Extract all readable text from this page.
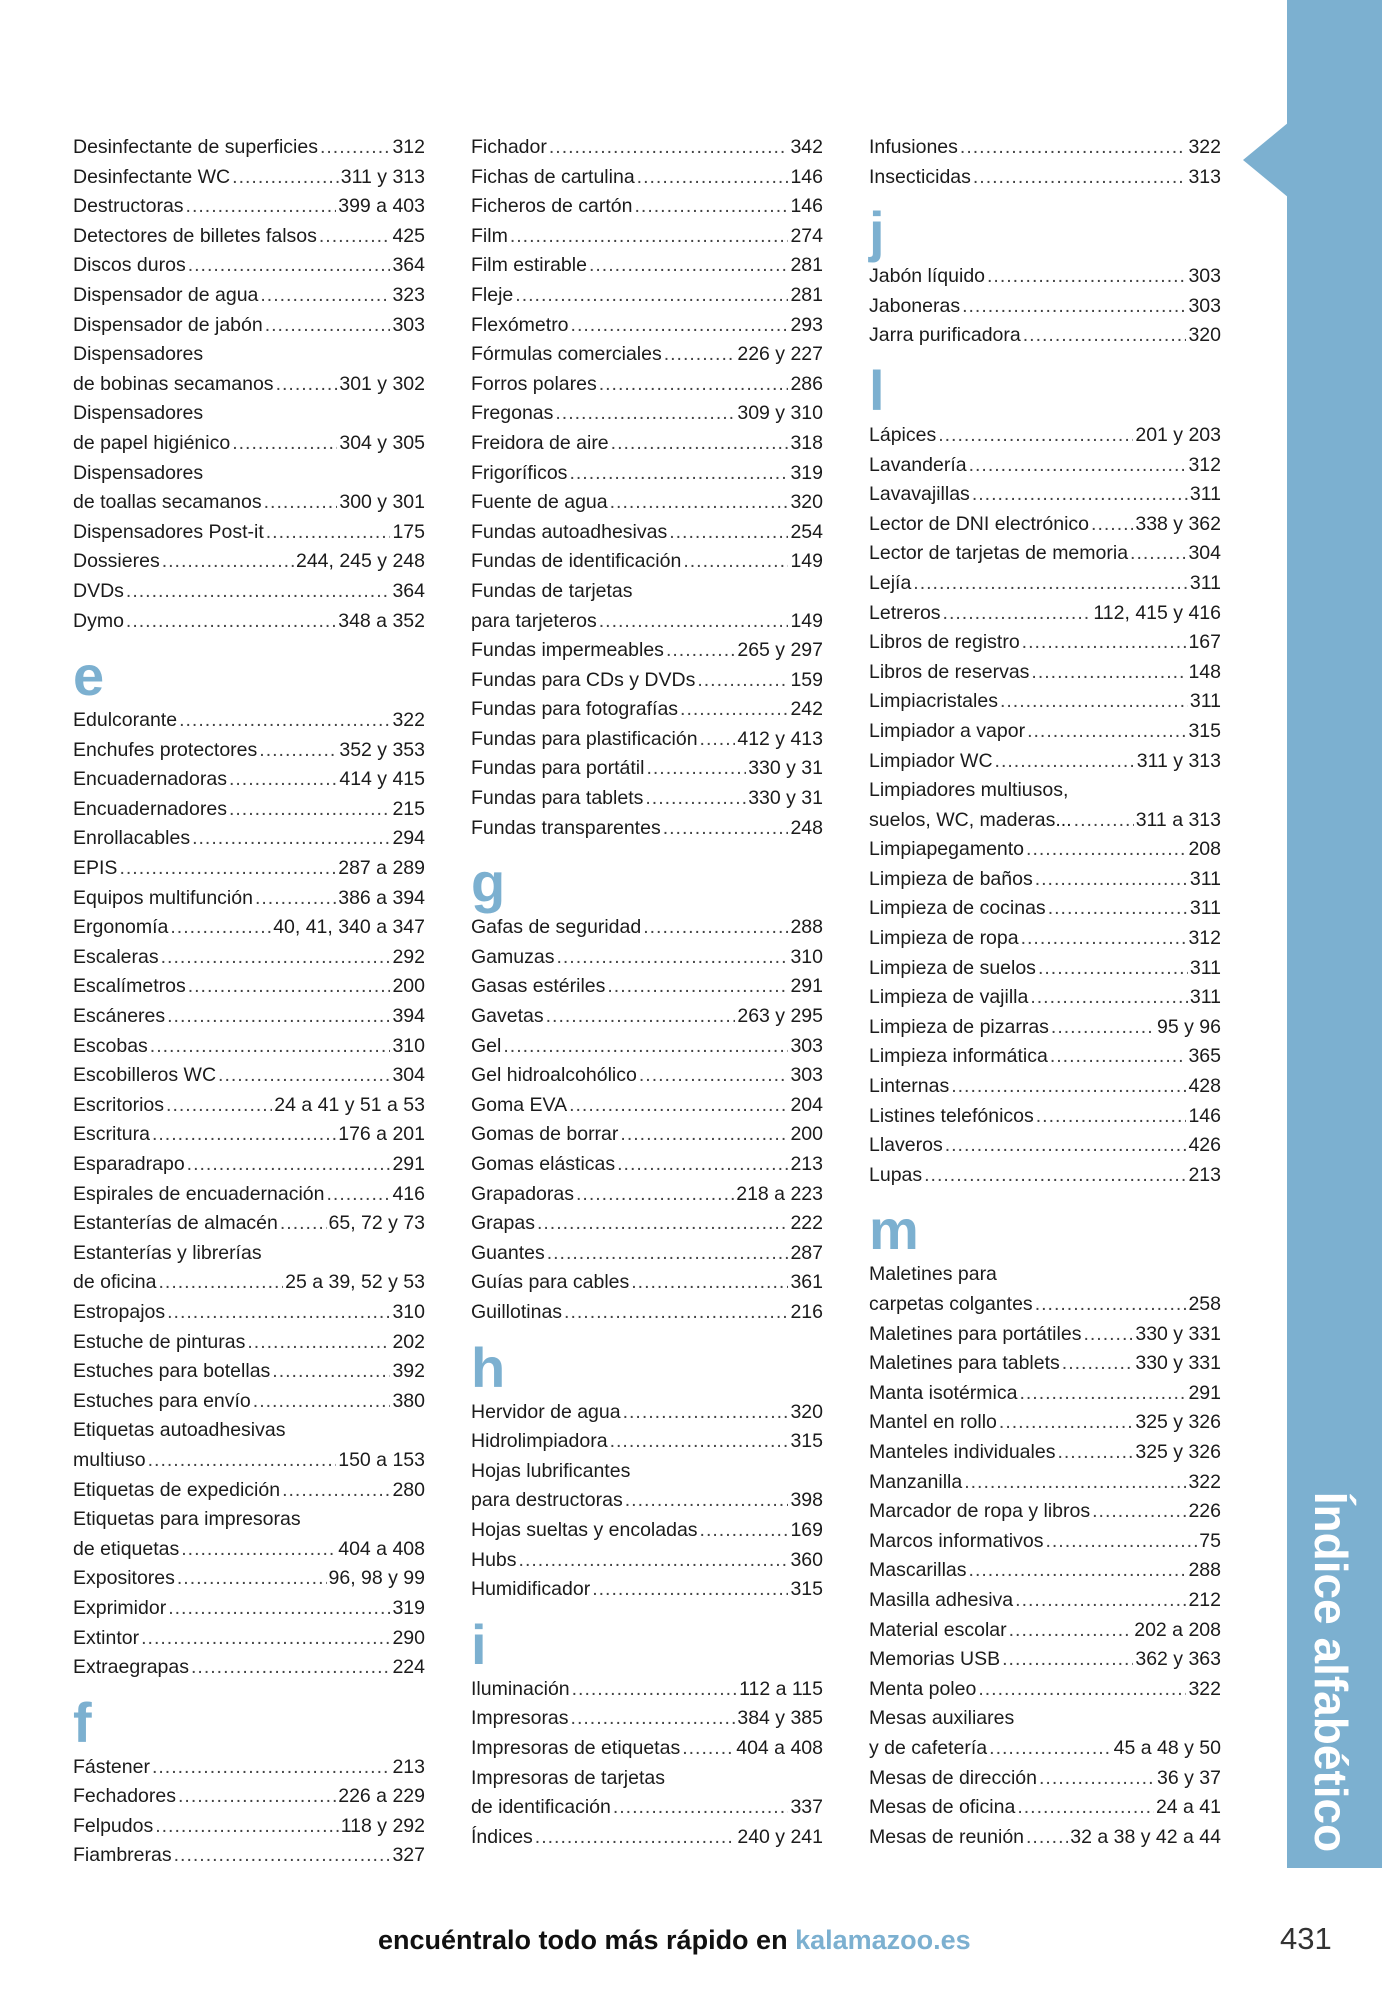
Índice alfabético
Desinfectante de superficies .....	312
Desinfectante WC .....	311 y 313
Destructoras .....	399 a 403
Detectores de billetes falsos .....	425
Discos duros .....	364
Dispensador de agua .....	323
Dispensador de jabón .....	303
Dispensadores
de bobinas secamanos .....	301 y 302
Dispensadores
de papel higiénico .....	304 y 305
Dispensadores
de toallas secamanos .....	300 y 301
Dispensadores Post-it .....	175
Dossieres .....	244, 245 y 248
DVDs .....	364
Dymo .....	348 a 352
e
Edulcorante .....	322
Enchufes protectores .....	352 y 353
Encuadernadoras .....	414 y 415
Encuadernadores .....	215
Enrollacables .....	294
EPIS .....	287 a 289
Equipos multifunción .....	386 a 394
Ergonomía .....	40, 41, 340 a 347
Escaleras .....	292
Escalímetros .....	200
Escáneres .....	394
Escobas .....	310
Escobilleros WC .....	304
Escritorios .....	24 a 41 y 51 a 53
Escritura .....	176 a 201
Esparadrapo .....	291
Espirales de encuadernación .....	416
Estanterías de almacén .....	65, 72 y 73
Estanterías y librerías
de oficina .....	25 a 39, 52 y 53
Estropajos .....	310
Estuche de pinturas .....	202
Estuches para botellas .....	392
Estuches para envío .....	380
Etiquetas autoadhesivas
multiuso .....	150 a 153
Etiquetas de expedición .....	280
Etiquetas para impresoras
de etiquetas .....	404 a 408
Expositores .....	96, 98 y 99
Exprimidor .....	319
Extintor .....	290
Extraegrapas .....	224
f
Fástener .....	213
Fechadores .....	226 a 229
Felpudos .....	118 y 292
Fiambreras .....	327
Fichador .....	342
Fichas de cartulina .....	146
Ficheros de cartón .....	146
Film .....	274
Film estirable .....	281
Fleje .....	281
Flexómetro .....	293
Fórmulas comerciales .....	226 y 227
Forros polares .....	286
Fregonas .....	309 y 310
Freidora de aire .....	318
Frigoríficos .....	319
Fuente de agua .....	320
Fundas autoadhesivas .....	254
Fundas de identificación .....	149
Fundas de tarjetas
para tarjeteros .....	149
Fundas impermeables .....	265 y 297
Fundas para CDs y DVDs .....	159
Fundas para fotografías .....	242
Fundas para plastificación ..... 412 y 413
Fundas para portátil .....	330 y 31
Fundas para tablets .....	330 y 31
Fundas transparentes .....	248
g
Gafas de seguridad .....	288
Gamuzas .....	310
Gasas estériles .....	291
Gavetas .....	263 y 295
Gel .....	303
Gel hidroalcohólico .....	303
Goma EVA .....	204
Gomas de borrar .....	200
Gomas elásticas .....	213
Grapadoras .....	218 a 223
Grapas .....	222
Guantes .....	287
Guías para cables .....	361
Guillotinas .....	216
h
Hervidor de agua .....	320
Hidrolimpiadora .....	315
Hojas lubrificantes
para destructoras .....	398
Hojas sueltas y encoladas .....	169
Hubs .....	360
Humidificador .....	315
i
Iluminación .....	112 a 115
Impresoras .....	384 y 385
Impresoras de etiquetas .....	404 a 408
Impresoras de tarjetas
de identificación .....	337
Índices .....	240 y 241
Infusiones .....	322
Insecticidas .....	313
j
Jabón líquido .....	303
Jaboneras .....	303
Jarra purificadora .....	320
l
Lápices .....	201 y 203
Lavandería .....	312
Lavavajillas .....	311
Lector de DNI electrónico ..... 338 y 362
Lector de tarjetas de memoria .....	304
Lejía .....	311
Letreros .....	112, 415 y 416
Libros de registro .....	167
Libros de reservas .....	148
Limpiacristales .....	311
Limpiador a vapor .....	315
Limpiador WC .....	311 y 313
Limpiadores multiusos,
suelos, WC, maderas... .....	311 a 313
Limpiapegamento .....	208
Limpieza de baños .....	311
Limpieza de cocinas .....	311
Limpieza de ropa .....	312
Limpieza de suelos .....	311
Limpieza de vajilla .....	311
Limpieza de pizarras .....	95 y 96
Limpieza informática .....	365
Linternas .....	428
Listines telefónicos .....	146
Llaveros .....	426
Lupas .....	213
m
Maletines para
carpetas colgantes .....	258
Maletines para portátiles .....	330 y 331
Maletines para tablets .....	330 y 331
Manta isotérmica .....	291
Mantel en rollo .....	325 y 326
Manteles individuales .....	325 y 326
Manzanilla .....	322
Marcador de ropa y libros .....	226
Marcos informativos .....	75
Mascarillas .....	288
Masilla adhesiva .....	212
Material escolar .....	202 a 208
Memorias USB .....	362 y 363
Menta poleo .....	322
Mesas auxiliares
y de cafetería .....	45 a 48 y 50
Mesas de dirección .....	36 y 37
Mesas de oficina .....	24 a 41
Mesas de reunión ..... 32 a 38 y 42 a 44
encuéntralo todo más rápido en kalamazoo.es	431
